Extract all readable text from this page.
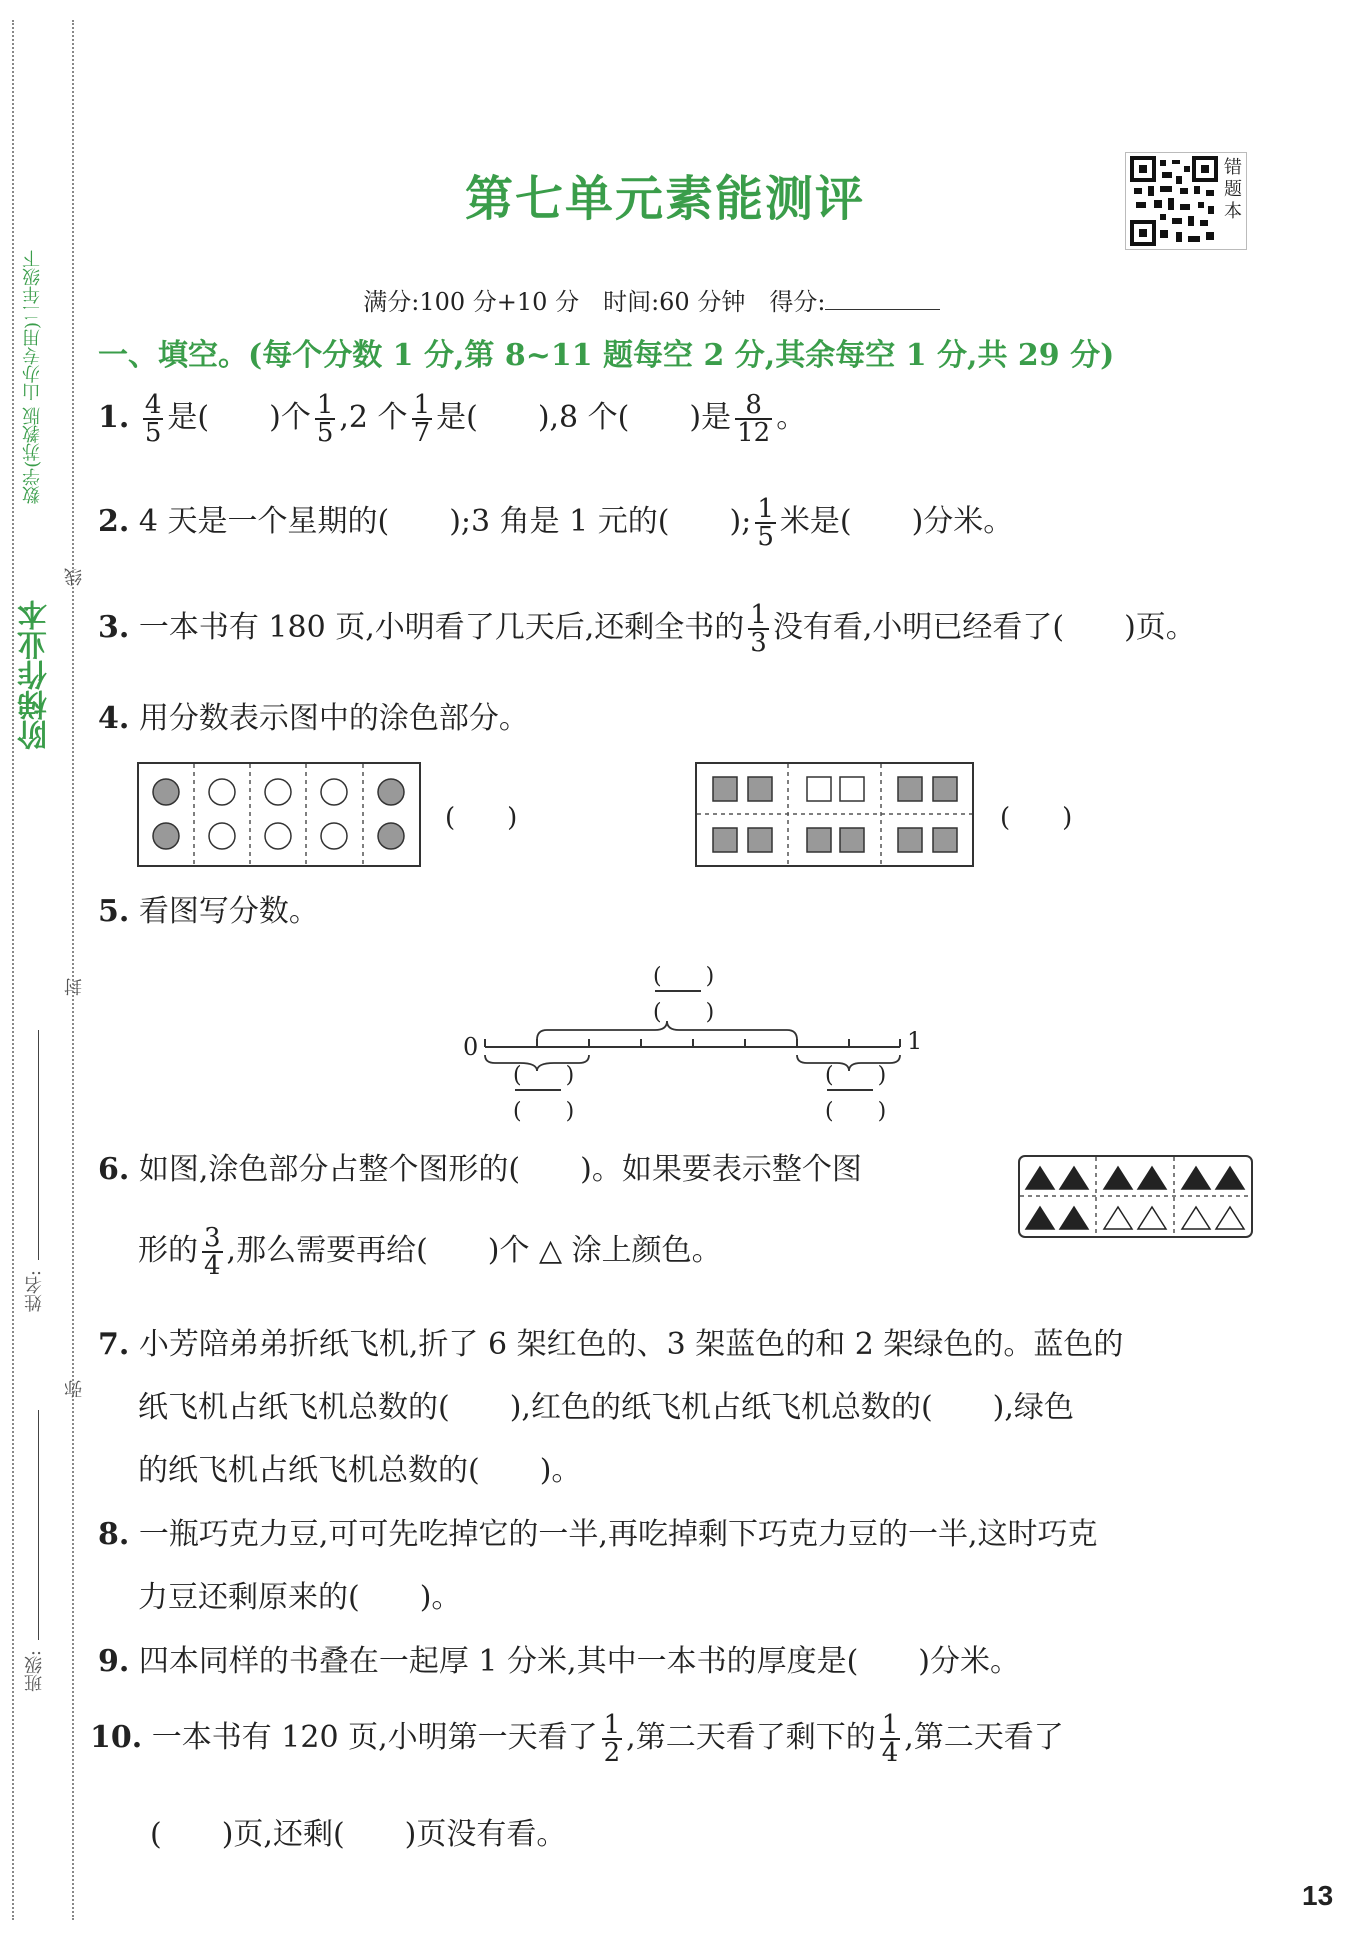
阶梯作业本
数学(苏教版 山办专用)二年级下
线
封
弥
姓名:
班级:
第七单元素能测评
错
题
本

满分:100 分+10 分　时间:60 分钟　得分:

一、填空。(每个分数 1 分,第 8~11 题每空 2 分,其余每空 1 分,共 29 分)
1. $\frac{4}{5}$ 是(　　)个 $\frac{1}{5} ,2$ 个 $\frac{1}{7}$ 是(　　),8 个(　　)是 $\frac{8}{12}$ 。
2. 4 天是一个星期的(　　);3 角是 1 元的(　　); $\frac{1}{5}$ 米是(　　)分米。
3. 一本书有 180 页,小明看了几天后,还剩全书的 $\frac{1}{3}$ 没有看,小明已经看了(　　)页。
4. 用分数表示图中的涂色部分。
(　　)	(　　)
5. 看图写分数。
0	1
(　　)
(　　)
(　　)
(　　)
(　　)
(　　)
6. 如图,涂色部分占整个图形的(　　)。如果要表示整个图
形的 $\frac{3}{4}$ ,那么需要再给(　　)个 △ 涂上颜色。
7. 小芳陪弟弟折纸飞机,折了 6 架红色的、3 架蓝色的和 2 架绿色的。蓝色的
纸飞机占纸飞机总数的(　　),红色的纸飞机占纸飞机总数的(　　),绿色
的纸飞机占纸飞机总数的(　　)。
8. 一瓶巧克力豆,可可先吃掉它的一半,再吃掉剩下巧克力豆的一半,这时巧克
力豆还剩原来的(　　)。
9. 四本同样的书叠在一起厚 1 分米,其中一本书的厚度是(　　)分米。
10. 一本书有 120 页,小明第一天看了 $\frac{1}{2}$ ,第二天看了剩下的 $\frac{1}{4}$ ,第二天看了
(　　)页,还剩(　　)页没有看。
13
